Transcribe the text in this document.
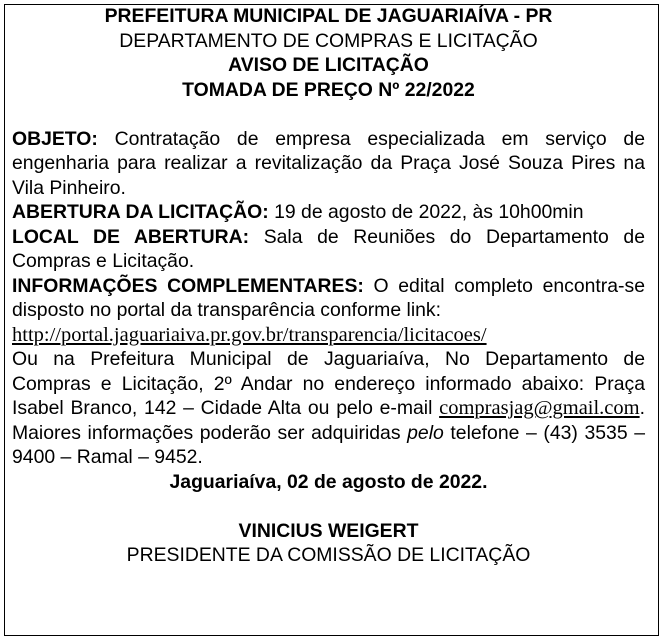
PREFEITURA MUNICIPAL DE JAGUARIAÍVA - PR
DEPARTAMENTO DE COMPRAS E LICITAÇÃO
AVISO DE LICITAÇÃO
TOMADA DE PREÇO Nº 22/2022
OBJETO: Contratação de empresa especializada em serviço de engenharia para realizar a revitalização da Praça José Souza Pires na Vila Pinheiro.
ABERTURA DA LICITAÇÃO: 19 de agosto de 2022, às 10h00min
LOCAL DE ABERTURA: Sala de Reuniões do Departamento de Compras e Licitação.
INFORMAÇÕES COMPLEMENTARES: O edital completo encontra-se disposto no portal da transparência conforme link:
http://portal.jaguariaiva.pr.gov.br/transparencia/licitacoes/
Ou na Prefeitura Municipal de Jaguariaíva, No Departamento de Compras e Licitação, 2º Andar no endereço informado abaixo: Praça Isabel Branco, 142 – Cidade Alta ou pelo e-mail comprasjag@gmail.com. Maiores informações poderão ser adquiridas pelo telefone – (43) 3535 – 9400 – Ramal – 9452.
Jaguariaíva, 02 de agosto de 2022.
VINICIUS WEIGERT
PRESIDENTE DA COMISSÃO DE LICITAÇÃO
